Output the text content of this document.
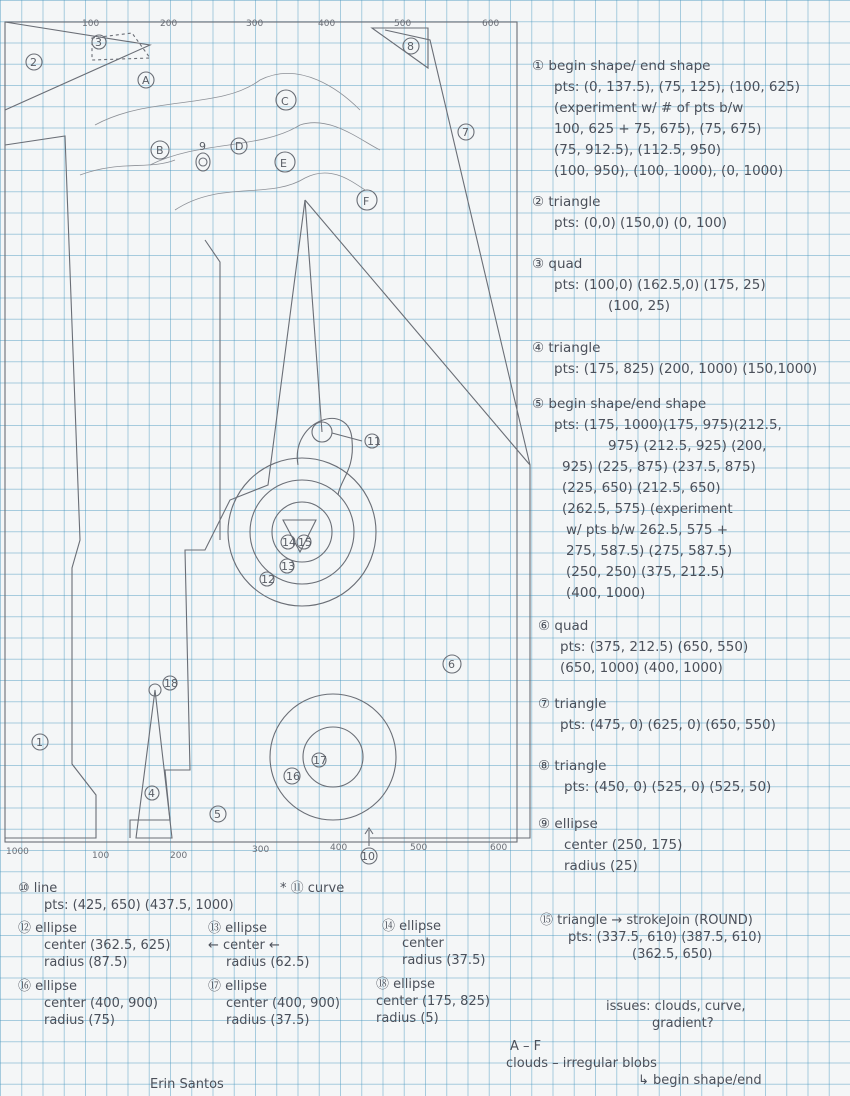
100	200	300	400	500	600
1000	100	200
300	400	500	600
2
3	8
9
11
12
13
14 15
16
17
18
1
4
5
6
7
10
A
B
C
D
E
F
① begin shape/ end shape
pts: (0, 137.5), (75, 125), (100, 625)
(experiment w/ # of pts b/w
100, 625 + 75, 675), (75, 675)
(75, 912.5), (112.5, 950)
(100, 950), (100, 1000), (0, 1000)
② triangle
pts: (0,0) (150,0) (0, 100)
③ quad
pts: (100,0) (162.5,0) (175, 25)
(100, 25)
④ triangle
pts: (175, 825) (200, 1000) (150,1000)
⑤ begin shape/end shape
pts: (175, 1000)(175, 975)(212.5,
975) (212.5, 925) (200,
925) (225, 875) (237.5, 875)
(225, 650) (212.5, 650)
(262.5, 575) (experiment
w/ pts b/w 262.5, 575 +
275, 587.5) (275, 587.5)
(250, 250) (375, 212.5)
(400, 1000)
⑥ quad
pts: (375, 212.5) (650, 550)
(650, 1000) (400, 1000)
⑦ triangle
pts: (475, 0) (625, 0) (650, 550)
⑧ triangle
pts: (450, 0) (525, 0) (525, 50)
⑨ ellipse
center (250, 175)
radius (25)
⑩ line
pts: (425, 650) (437.5, 1000)
* ⑪ curve
⑫ ellipse
center (362.5, 625)
radius (87.5)
⑬ ellipse
← center ←
radius (62.5)
⑭ ellipse
center
radius (37.5)
⑮ triangle → strokeJoin (ROUND)
pts: (337.5, 610) (387.5, 610)
(362.5, 650)
⑯ ellipse
center (400, 900)
radius (75)
⑰ ellipse
center (400, 900)
radius (37.5)
⑱ ellipse
center (175, 825)
radius (5)
issues: clouds, curve,
gradient?
A – F
clouds – irregular blobs
↳ begin shape/end
Erin Santos
